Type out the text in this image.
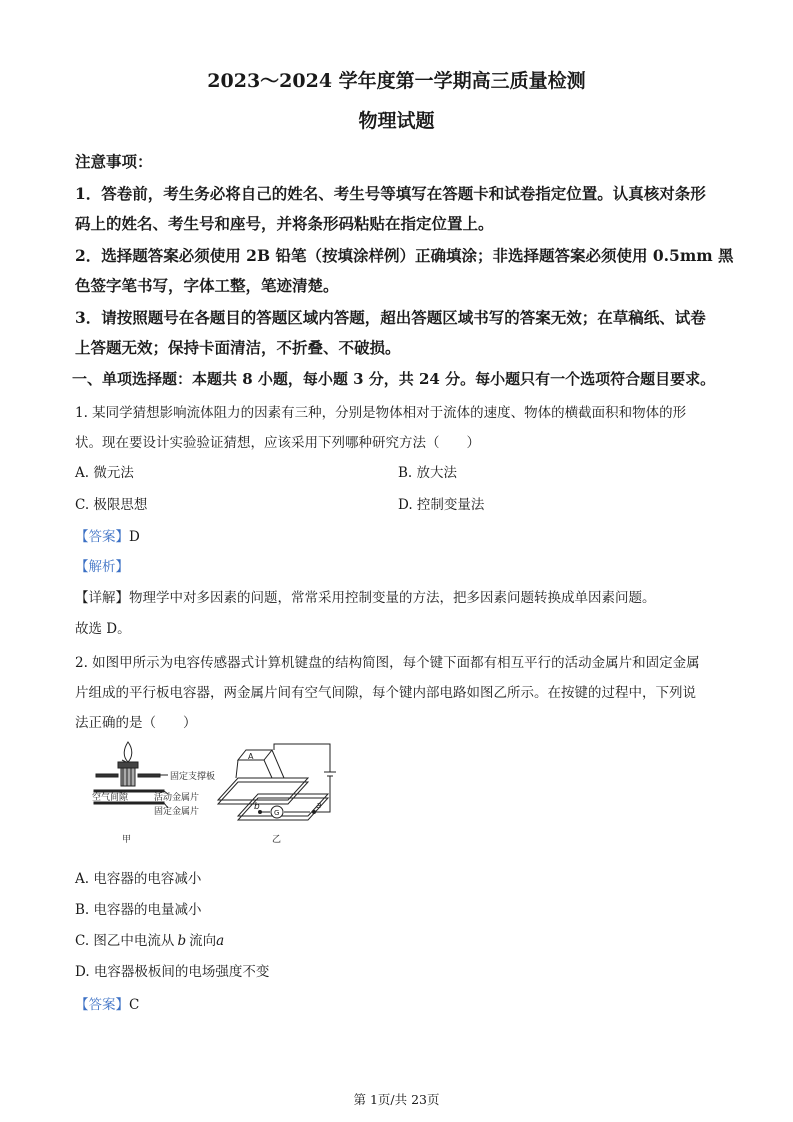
2023～2024 学年度第一学期高三质量检测
物理试题
注意事项：
1．答卷前，考生务必将自己的姓名、考生号等填写在答题卡和试卷指定位置。认真核对条形
码上的姓名、考生号和座号，并将条形码粘贴在指定位置上。
2．选择题答案必须使用 2B 铅笔（按填涂样例）正确填涂；非选择题答案必须使用 0.5mm 黑
色签字笔书写，字体工整，笔迹清楚。
3．请按照题号在各题目的答题区域内答题，超出答题区域书写的答案无效；在草稿纸、试卷
上答题无效；保持卡面清洁，不折叠、不破损。
一、单项选择题：本题共 8 小题，每小题 3 分，共 24 分。每小题只有一个选项符合题目要求。
1. 某同学猜想影响流体阻力的因素有三种，分别是物体相对于流体的速度、物体的横截面积和物体的形
状。现在要设计实验验证猜想，应该采用下列哪种研究方法（　　）
A. 微元法	B. 放大法
C. 极限思想	D. 控制变量法
【答案】D
【解析】
【详解】物理学中对多因素的问题，常常采用控制变量的方法，把多因素问题转换成单因素问题。
故选 D。
2. 如图甲所示为电容传感器式计算机键盘的结构简图，每个键下面都有相互平行的活动金属片和固定金属
片组成的平行板电容器，两金属片间有空气间隙，每个键内部电路如图乙所示。在按键的过程中，下列说
法正确的是（　　）
固定支撑板
空气间隙	活动金属片
固定金属片
甲
A
G
b	a
乙
A. 电容器的电容减小
B. 电容器的电量减小
C. 图乙中电流从 b 流向a
D. 电容器极板间的电场强度不变
【答案】C
第 1页/共 23页
